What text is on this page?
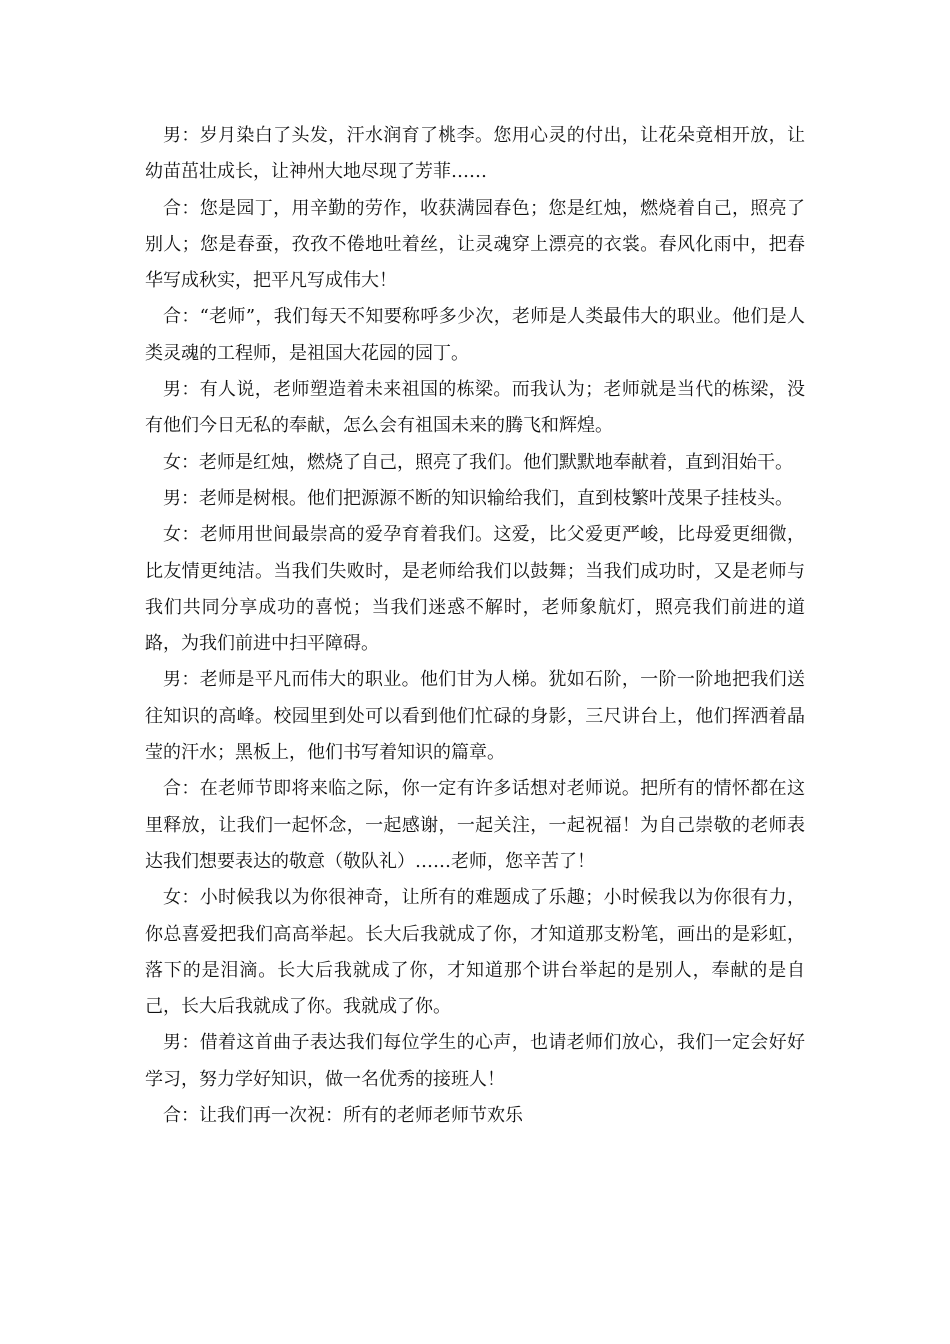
男：岁月染白了头发，汗水润育了桃李。您用心灵的付出，让花朵竟相开放，让幼苗茁壮成长，让神州大地尽现了芳菲……

合：您是园丁，用辛勤的劳作，收获满园春色；您是红烛，燃烧着自己，照亮了别人；您是春蚕，孜孜不倦地吐着丝，让灵魂穿上漂亮的衣裳。春风化雨中，把春华写成秋实，把平凡写成伟大！

合：“老师”，我们每天不知要称呼多少次，老师是人类最伟大的职业。他们是人类灵魂的工程师，是祖国大花园的园丁。

男：有人说，老师塑造着未来祖国的栋梁。而我认为；老师就是当代的栋梁，没有他们今日无私的奉献，怎么会有祖国未来的腾飞和辉煌。

女：老师是红烛，燃烧了自己，照亮了我们。他们默默地奉献着，直到泪始干。

男：老师是树根。他们把源源不断的知识输给我们，直到枝繁叶茂果子挂枝头。

女：老师用世间最崇高的爱孕育着我们。这爱，比父爱更严峻，比母爱更细微，比友情更纯洁。当我们失败时，是老师给我们以鼓舞；当我们成功时，又是老师与我们共同分享成功的喜悦；当我们迷惑不解时，老师象航灯，照亮我们前进的道路，为我们前进中扫平障碍。

男：老师是平凡而伟大的职业。他们甘为人梯。犹如石阶，一阶一阶地把我们送往知识的高峰。校园里到处可以看到他们忙碌的身影，三尺讲台上，他们挥洒着晶莹的汗水；黑板上，他们书写着知识的篇章。

合：在老师节即将来临之际，你一定有许多话想对老师说。把所有的情怀都在这里释放，让我们一起怀念，一起感谢，一起关注，一起祝福！为自己崇敬的老师表达我们想要表达的敬意（敬队礼）……老师，您辛苦了！

女：小时候我以为你很神奇，让所有的难题成了乐趣；小时候我以为你很有力，你总喜爱把我们高高举起。长大后我就成了你，才知道那支粉笔，画出的是彩虹，落下的是泪滴。长大后我就成了你，才知道那个讲台举起的是别人，奉献的是自己，长大后我就成了你。我就成了你。

男：借着这首曲子表达我们每位学生的心声，也请老师们放心，我们一定会好好学习，努力学好知识，做一名优秀的接班人！

合：让我们再一次祝：所有的老师老师节欢乐
